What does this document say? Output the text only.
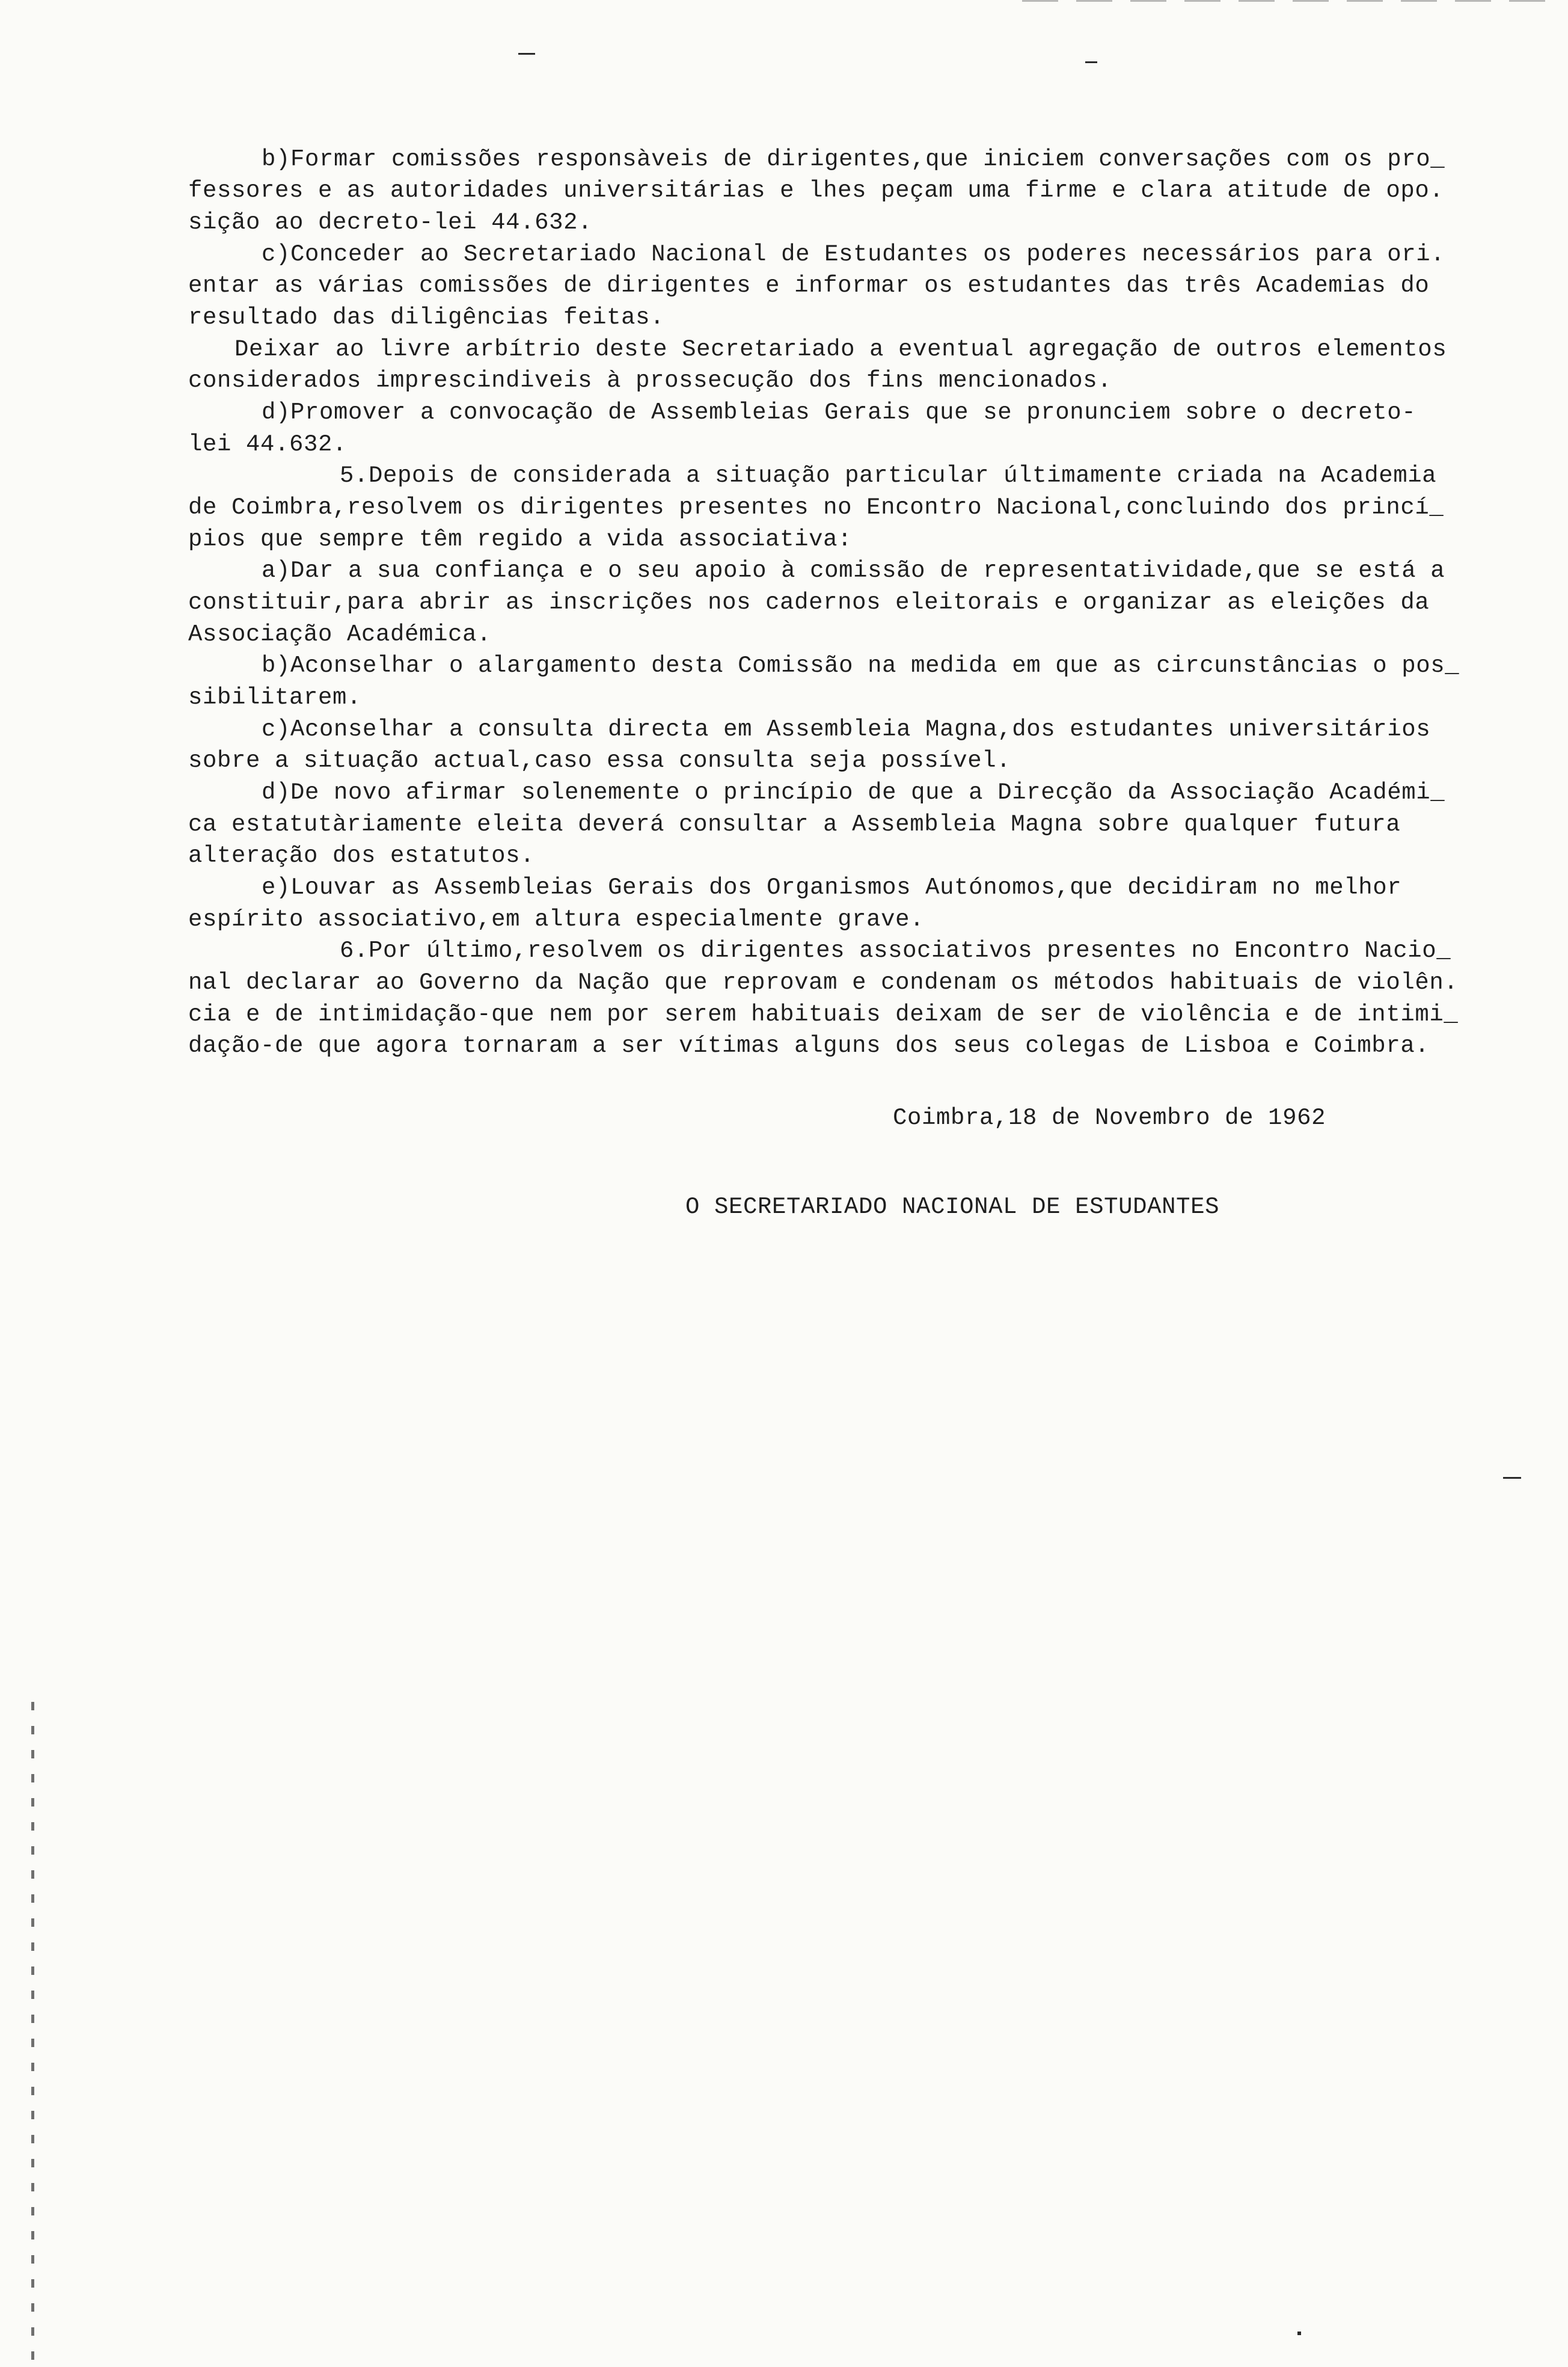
b)Formar comissões responsàveis de dirigentes,que iniciem conversações com os pro_
fessores e as autoridades universitárias e lhes peçam uma firme e clara atitude de opo.
sição ao decreto-lei 44.632.
c)Conceder ao Secretariado Nacional de Estudantes os poderes necessários para ori.
entar as várias comissões de dirigentes e informar os estudantes das três Academias do
resultado das diligências feitas.
Deixar ao livre arbítrio deste Secretariado a eventual agregação de outros elementos
considerados imprescindiveis à prossecução dos fins mencionados.
d)Promover a convocação de Assembleias Gerais que se pronunciem sobre o decreto-
lei 44.632.
5.Depois de considerada a situação particular últimamente criada na Academia
de Coimbra,resolvem os dirigentes presentes no Encontro Nacional,concluindo dos princí_
pios que sempre têm regido a vida associativa:
a)Dar a sua confiança e o seu apoio à comissão de representatividade,que se está a
constituir,para abrir as inscrições nos cadernos eleitorais e organizar as eleições da
Associação Académica.
b)Aconselhar o alargamento desta Comissão na medida em que as circunstâncias o pos_
sibilitarem.
c)Aconselhar a consulta directa em Assembleia Magna,dos estudantes universitários
sobre a situação actual,caso essa consulta seja possível.
d)De novo afirmar solenemente o princípio de que a Direcção da Associação Académi_
ca estatutàriamente eleita deverá consultar a Assembleia Magna sobre qualquer futura
alteração dos estatutos.
e)Louvar as Assembleias Gerais dos Organismos Autónomos,que decidiram no melhor
espírito associativo,em altura especialmente grave.
6.Por último,resolvem os dirigentes associativos presentes no Encontro Nacio_
nal declarar ao Governo da Nação que reprovam e condenam os métodos habituais de violên.
cia e de intimidação-que nem por serem habituais deixam de ser de violência e de intimi_
dação-de que agora tornaram a ser vítimas alguns dos seus colegas de Lisboa e Coimbra.
Coimbra,18 de Novembro de 1962
O SECRETARIADO NACIONAL DE ESTUDANTES
